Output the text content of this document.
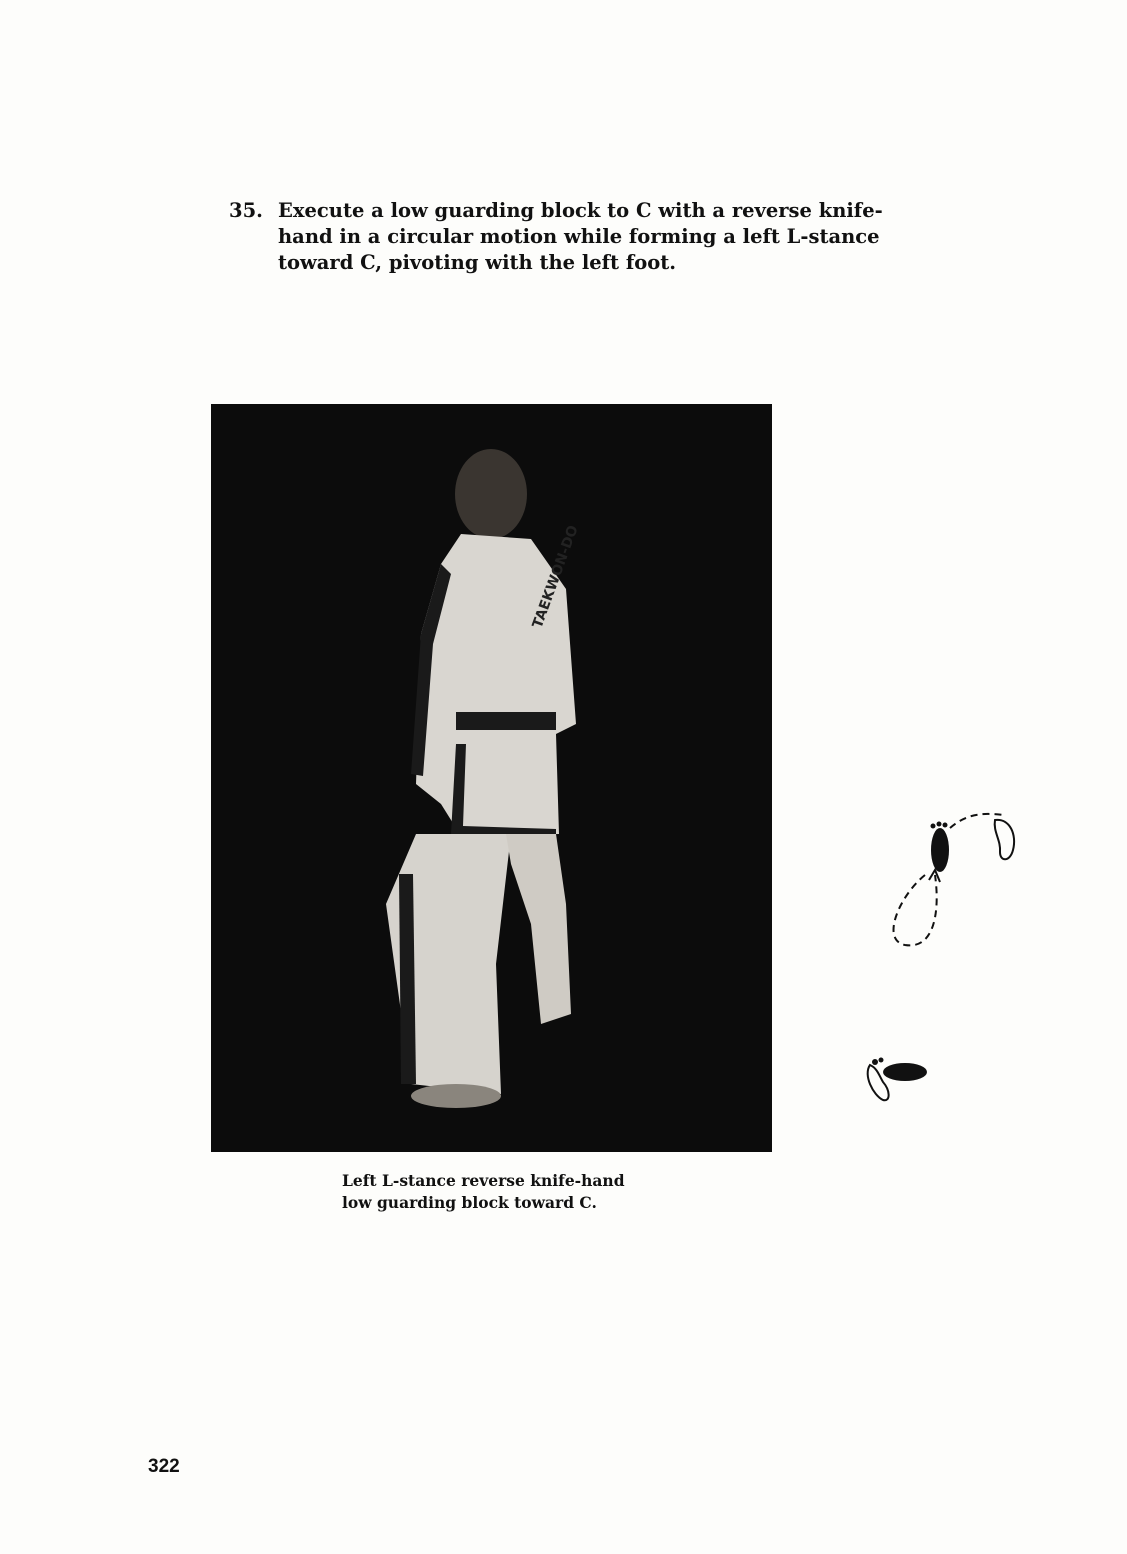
35. Execute a low guarding block to C with a reverse knife-hand in a circular motion while forming a left L-stance toward C, pivoting with the left foot.
TAEKWON-DO
Left L-stance reverse knife-hand
low guarding block toward C.
322
